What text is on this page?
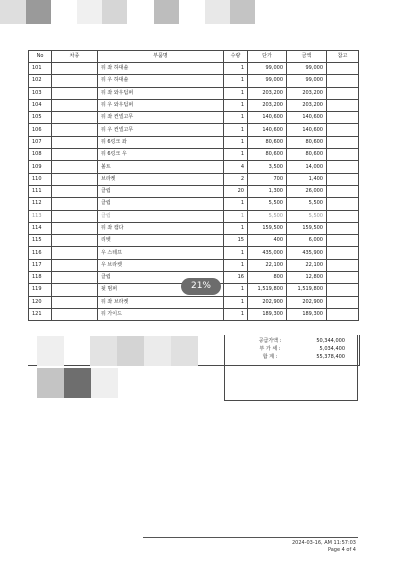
No	차종	부품명	수량	단가	금액	참고
101		뒤 좌 하대솔	1	99,000	99,000	
102		뒤 우 하대솔	1	99,000	99,000	
103		뒤 좌 와우텀퍼	1	203,200	203,200	
104		뒤 우 와우텀퍼	1	203,200	203,200	
105		뒤 좌 컨넬고무	1	140,600	140,600	
106		뒤 우 컨넬고무	1	140,600	140,600	
107		뒤 6링크 좌	1	80,600	80,600	
108		뒤 6링크 우	1	80,600	80,600	
109		볼트	4	3,500	14,000	
110		브라켓	2	700	1,400	
111		클립	20	1,300	26,000	
112		클립	1	5,500	5,500	
113		클립	1	5,500	5,500	
114		뒤 좌 캠다	1	159,500	159,500	
115		리벳	15	400	6,000	
116		우 스테프	1	435,000	435,900	
117		우 브라켓	1	22,100	22,100	
118		클립	16	800	12,800	
119		뒷 범퍼	1	1,519,800	1,519,800	
120		뒤 좌 브라켓	1	202,900	202,900	
121		뒤 가이드	1	189,300	189,300	
공급가액 :	50,344,000
부 가 세 :	5,034,400
합 계 :	55,378,400
21%
2024-03-16, AM 11:57:03
Page 4 of 4
